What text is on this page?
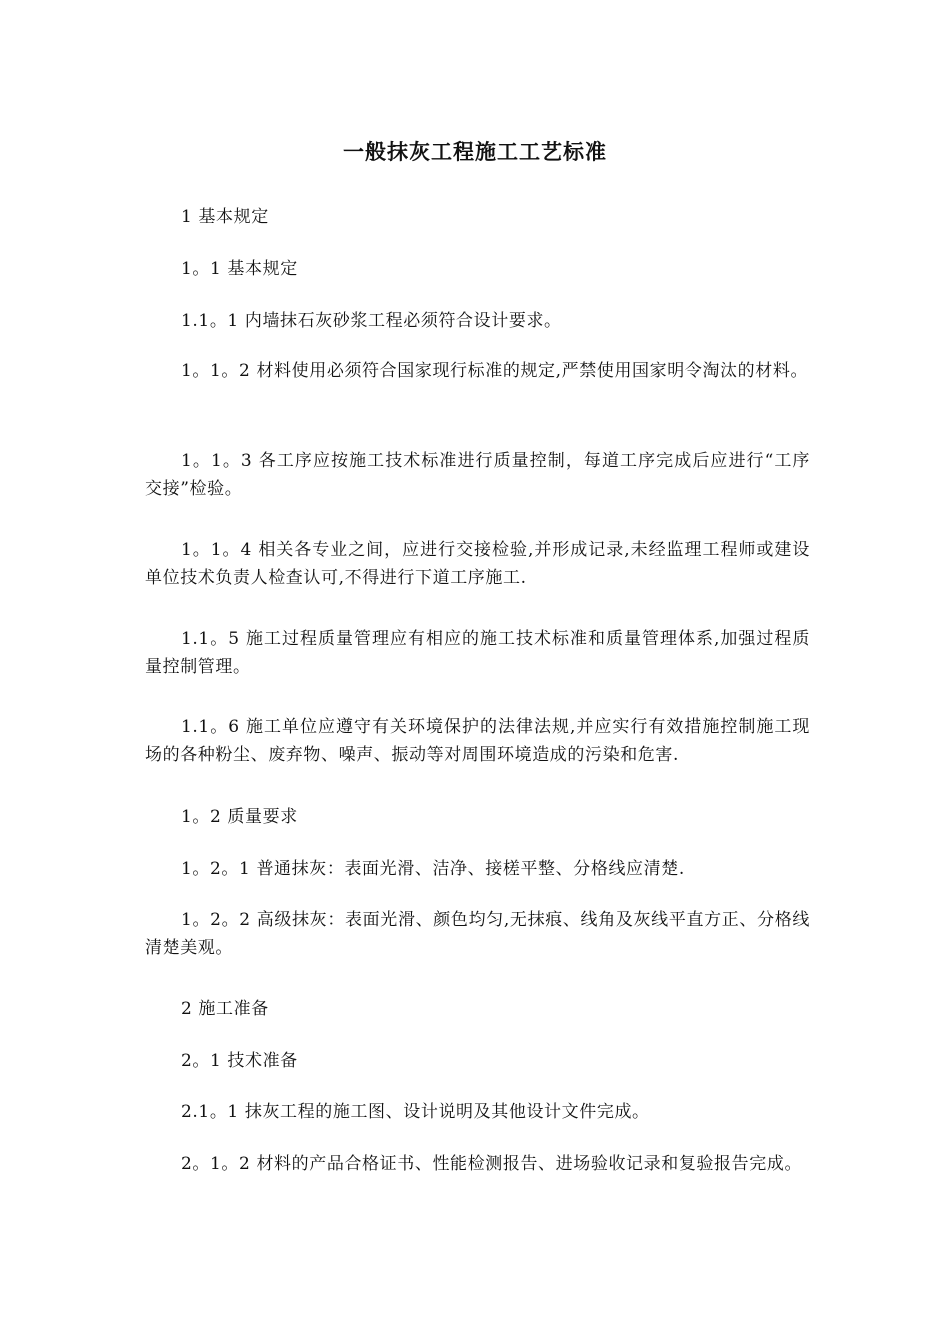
一般抹灰工程施工工艺标准

1 基本规定

1。1 基本规定

1.1。1 内墙抹石灰砂浆工程必须符合设计要求。

1。1。2 材料使用必须符合国家现行标准的规定,严禁使用国家明令淘汰的材料。

1。1。3 各工序应按施工技术标准进行质量控制，每道工序完成后应进行“工序交接”检验。

1。1。4 相关各专业之间，应进行交接检验,并形成记录,未经监理工程师或建设单位技术负责人检查认可,不得进行下道工序施工.

1.1。5 施工过程质量管理应有相应的施工技术标准和质量管理体系,加强过程质量控制管理。

1.1。6 施工单位应遵守有关环境保护的法律法规,并应实行有效措施控制施工现场的各种粉尘、废弃物、噪声、振动等对周围环境造成的污染和危害.

1。2 质量要求

1。2。1 普通抹灰：表面光滑、洁净、接槎平整、分格线应清楚.

1。2。2 高级抹灰：表面光滑、颜色均匀,无抹痕、线角及灰线平直方正、分格线清楚美观。

2 施工准备

2。1 技术准备

2.1。1 抹灰工程的施工图、设计说明及其他设计文件完成。

2。1。2 材料的产品合格证书、性能检测报告、进场验收记录和复验报告完成。
